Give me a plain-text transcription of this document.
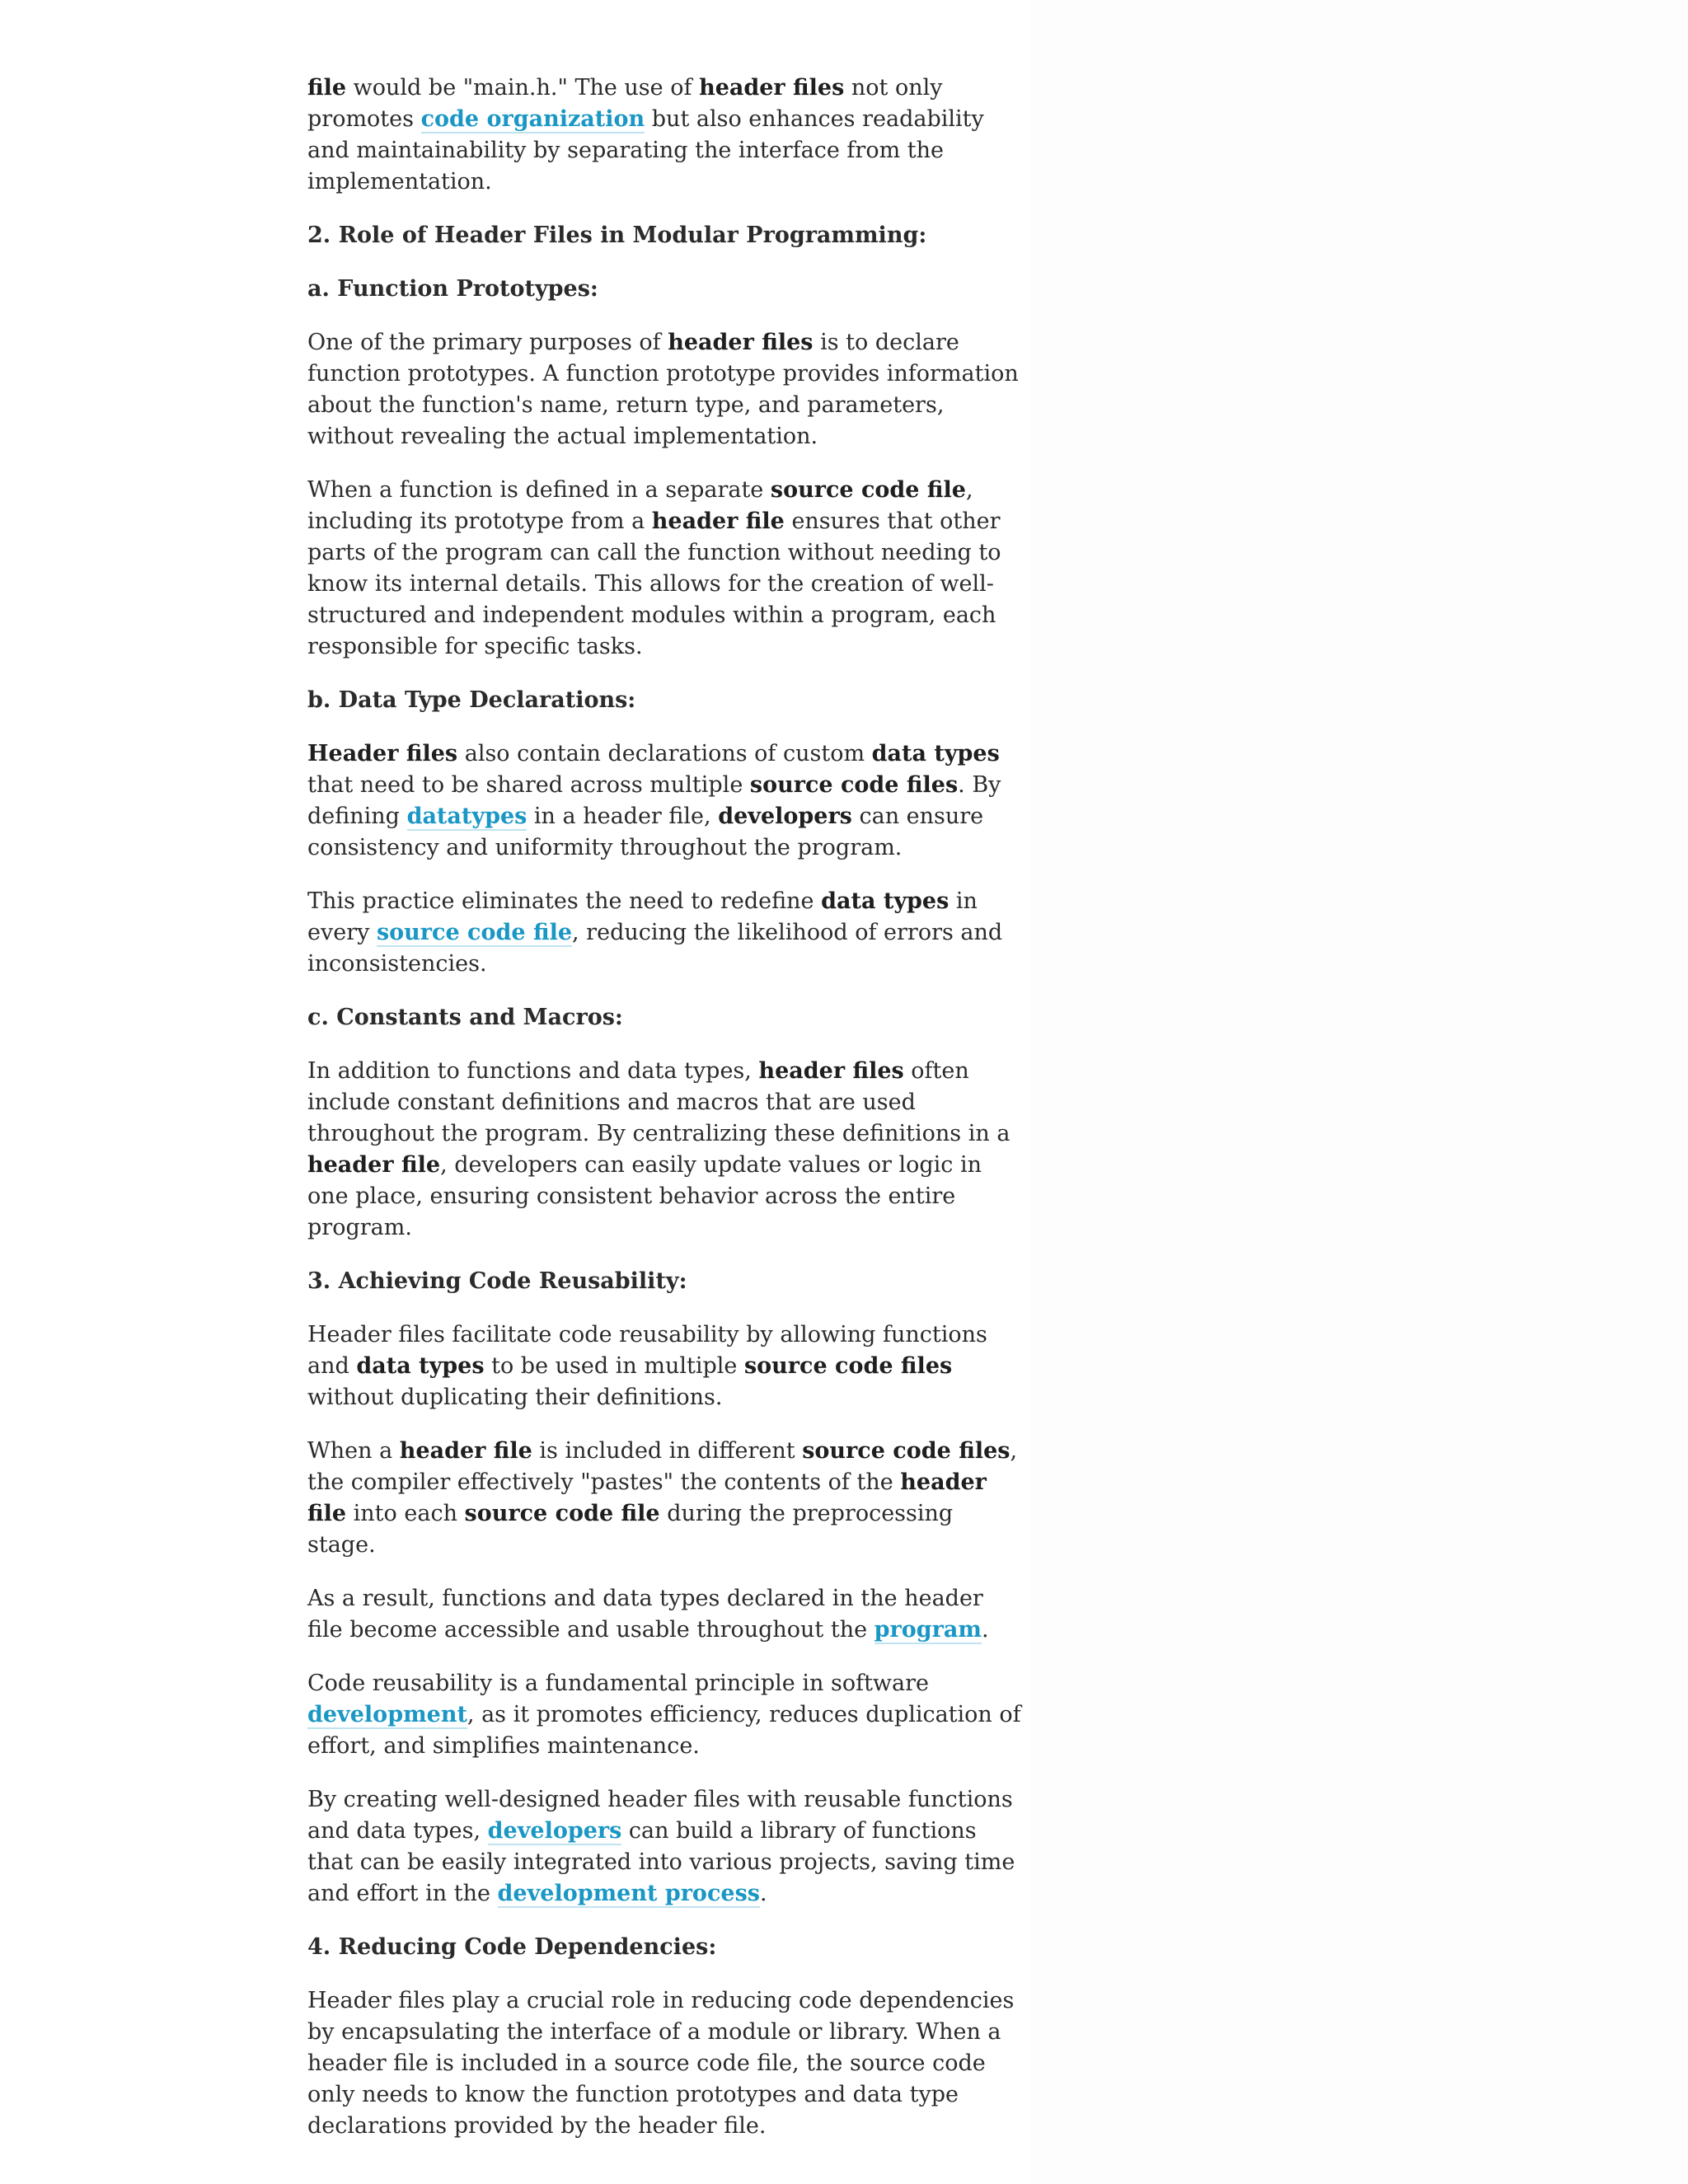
file would be "main.h." The use of header files not only promotes code organization but also enhances readability and maintainability by separating the interface from the implementation.

2. Role of Header Files in Modular Programming:
a. Function Prototypes:

One of the primary purposes of header files is to declare function prototypes. A function prototype provides information about the function's name, return type, and parameters, without revealing the actual implementation.

When a function is defined in a separate source code file, including its prototype from a header file ensures that other parts of the program can call the function without needing to know its internal details. This allows for the creation of well-structured and independent modules within a program, each responsible for specific tasks.

b. Data Type Declarations:

Header files also contain declarations of custom data types that need to be shared across multiple source code files. By defining datatypes in a header file, developers can ensure consistency and uniformity throughout the program.

This practice eliminates the need to redefine data types in every source code file, reducing the likelihood of errors and inconsistencies.

c. Constants and Macros:

In addition to functions and data types, header files often include constant definitions and macros that are used throughout the program. By centralizing these definitions in a header file, developers can easily update values or logic in one place, ensuring consistent behavior across the entire program.

3. Achieving Code Reusability:

Header files facilitate code reusability by allowing functions and data types to be used in multiple source code files without duplicating their definitions.

When a header file is included in different source code files, the compiler effectively "pastes" the contents of the header file into each source code file during the preprocessing stage.

As a result, functions and data types declared in the header file become accessible and usable throughout the program.

Code reusability is a fundamental principle in software development, as it promotes efficiency, reduces duplication of effort, and simplifies maintenance.

By creating well-designed header files with reusable functions and data types, developers can build a library of functions that can be easily integrated into various projects, saving time and effort in the development process.

4. Reducing Code Dependencies:

Header files play a crucial role in reducing code dependencies by encapsulating the interface of a module or library. When a header file is included in a source code file, the source code only needs to know the function prototypes and data type declarations provided by the header file.
